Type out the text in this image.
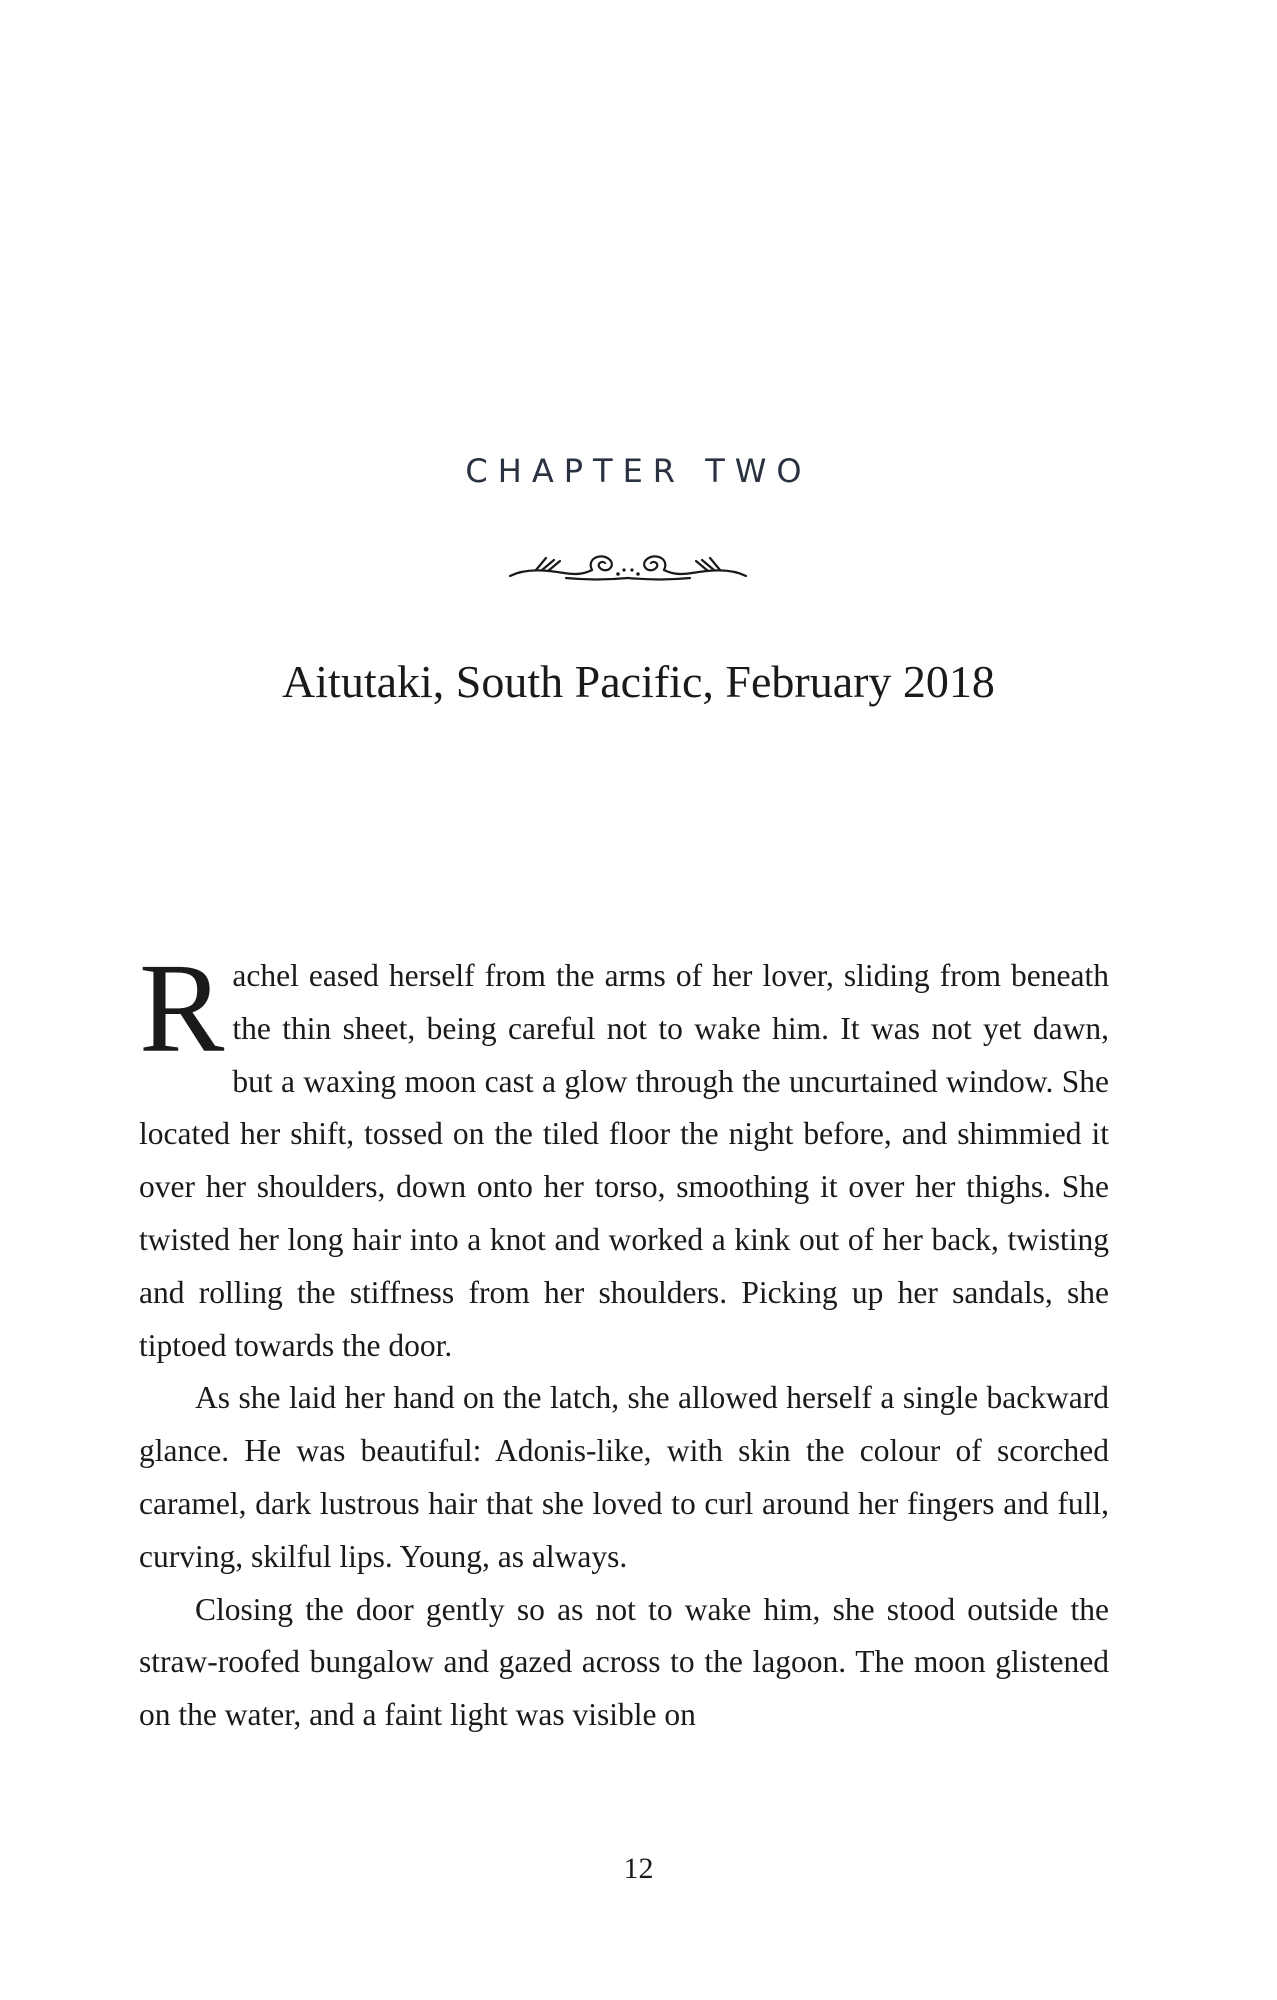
CHAPTER TWO
Aitutaki, South Pacific, February 2018

Rachel eased herself from the arms of her lover, sliding from beneath the thin sheet, being careful not to wake him. It was not yet dawn, but a waxing moon cast a glow through the uncurtained window. She located her shift, tossed on the tiled floor the night before, and shimmied it over her shoulders, down onto her torso, smoothing it over her thighs. She twisted her long hair into a knot and worked a kink out of her back, twisting and rolling the stiffness from her shoulders. Picking up her sandals, she tiptoed towards the door.

As she laid her hand on the latch, she allowed herself a single backward glance. He was beautiful: Adonis-like, with skin the colour of scorched caramel, dark lustrous hair that she loved to curl around her fingers and full, curving, skilful lips. Young, as always.

Closing the door gently so as not to wake him, she stood outside the straw-roofed bungalow and gazed across to the lagoon. The moon glistened on the water, and a faint light was visible on

12
